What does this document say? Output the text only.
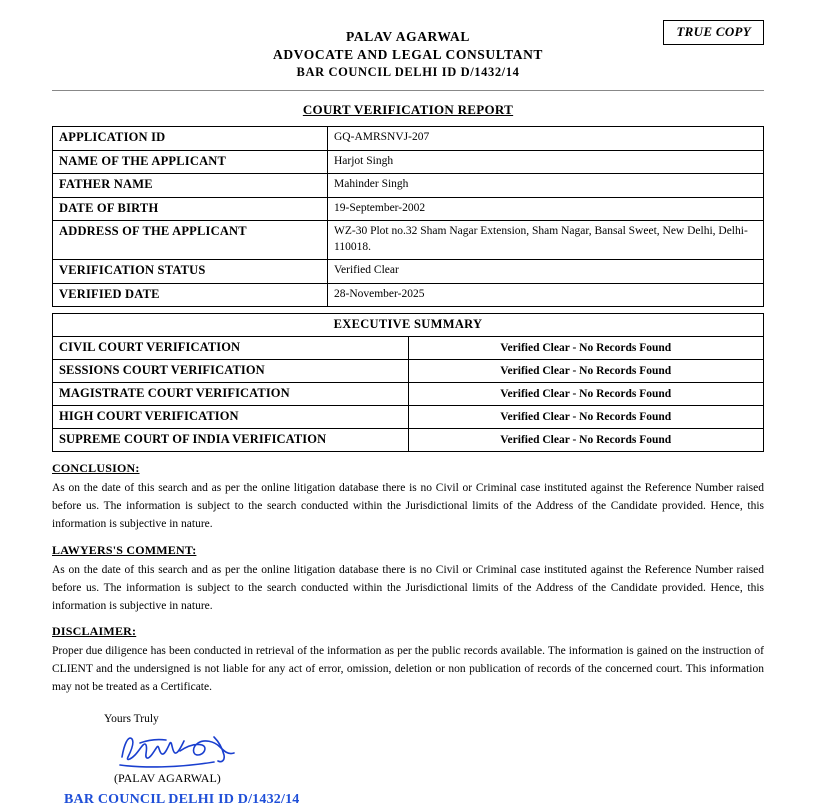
TRUE COPY
PALAV AGARWAL
ADVOCATE AND LEGAL CONSULTANT
BAR COUNCIL DELHI ID D/1432/14
COURT VERIFICATION REPORT
APPLICATION ID	GQ-AMRSNVJ-207
NAME OF THE APPLICANT	Harjot Singh
FATHER NAME	Mahinder Singh
DATE OF BIRTH	19-September-2002
ADDRESS OF THE APPLICANT	WZ-30 Plot no.32 Sham Nagar Extension, Sham Nagar, Bansal Sweet, New Delhi, Delhi-110018.
VERIFICATION STATUS	Verified Clear
VERIFIED DATE	28-November-2025
EXECUTIVE SUMMARY	
CIVIL COURT VERIFICATION	Verified Clear - No Records Found
SESSIONS COURT VERIFICATION	Verified Clear - No Records Found
MAGISTRATE COURT VERIFICATION	Verified Clear - No Records Found
HIGH COURT VERIFICATION	Verified Clear - No Records Found
SUPREME COURT OF INDIA VERIFICATION	Verified Clear - No Records Found
CONCLUSION:
As on the date of this search and as per the online litigation database there is no Civil or Criminal case instituted against the Reference Number raised before us. The information is subject to the search conducted within the Jurisdictional limits of the Address of the Candidate provided. Hence, this information is subjective in nature.
LAWYERS'S COMMENT:
As on the date of this search and as per the online litigation database there is no Civil or Criminal case instituted against the Reference Number raised before us. The information is subject to the search conducted within the Jurisdictional limits of the Address of the Candidate provided. Hence, this information is subjective in nature.
DISCLAIMER:
Proper due diligence has been conducted in retrieval of the information as per the public records available. The information is gained on the instruction of CLIENT and the undersigned is not liable for any act of error, omission, deletion or non publication of records of the concerned court. This information may not be treated as a Certificate.
Yours Truly
(PALAV AGARWAL)
BAR COUNCIL DELHI ID D/1432/14
